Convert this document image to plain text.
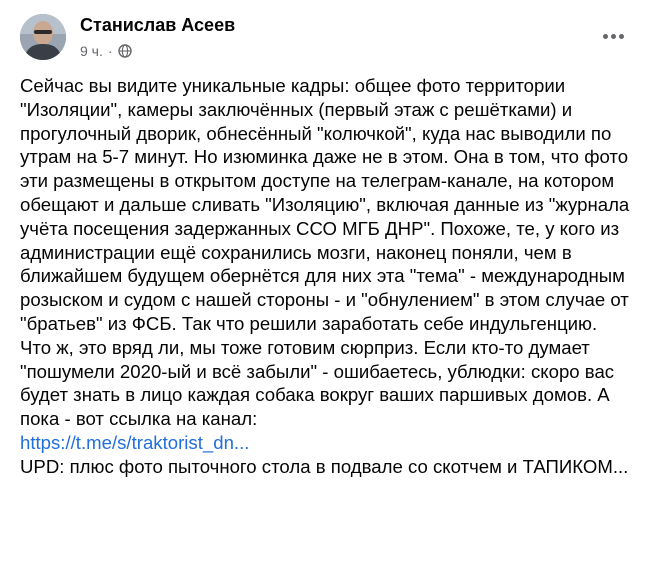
Станислав Асеев
9 ч. ·

Сейчас вы видите уникальные кадры: общее фото территории "Изоляции", камеры заключённых (первый этаж с решётками) и прогулочный дворик, обнесённый "колючкой", куда нас выводили по утрам на 5-7 минут. Но изюминка даже не в этом. Она в том, что фото эти размещены в открытом доступе на телеграм-канале, на котором обещают и дальше сливать "Изоляцию", включая данные из "журнала учёта посещения задержанных ССО МГБ ДНР". Похоже, те, у кого из администрации ещё сохранились мозги, наконец поняли, чем в ближайшем будущем обернётся для них эта "тема" - международным розыском и судом с нашей стороны - и "обнулением" в этом случае от "братьев" из ФСБ. Так что решили заработать себе индульгенцию. Что ж, это вряд ли, мы тоже готовим сюрприз. Если кто-то думает "пошумели 2020-ый и всё забыли" - ошибаетесь, ублюдки: скоро вас будет знать в лицо каждая собака вокруг ваших паршивых домов. А пока - вот ссылка на канал:

https://t.me/s/traktorist_dn...

UPD: плюс фото пыточного стола в подвале со скотчем и ТАПИКОМ...
